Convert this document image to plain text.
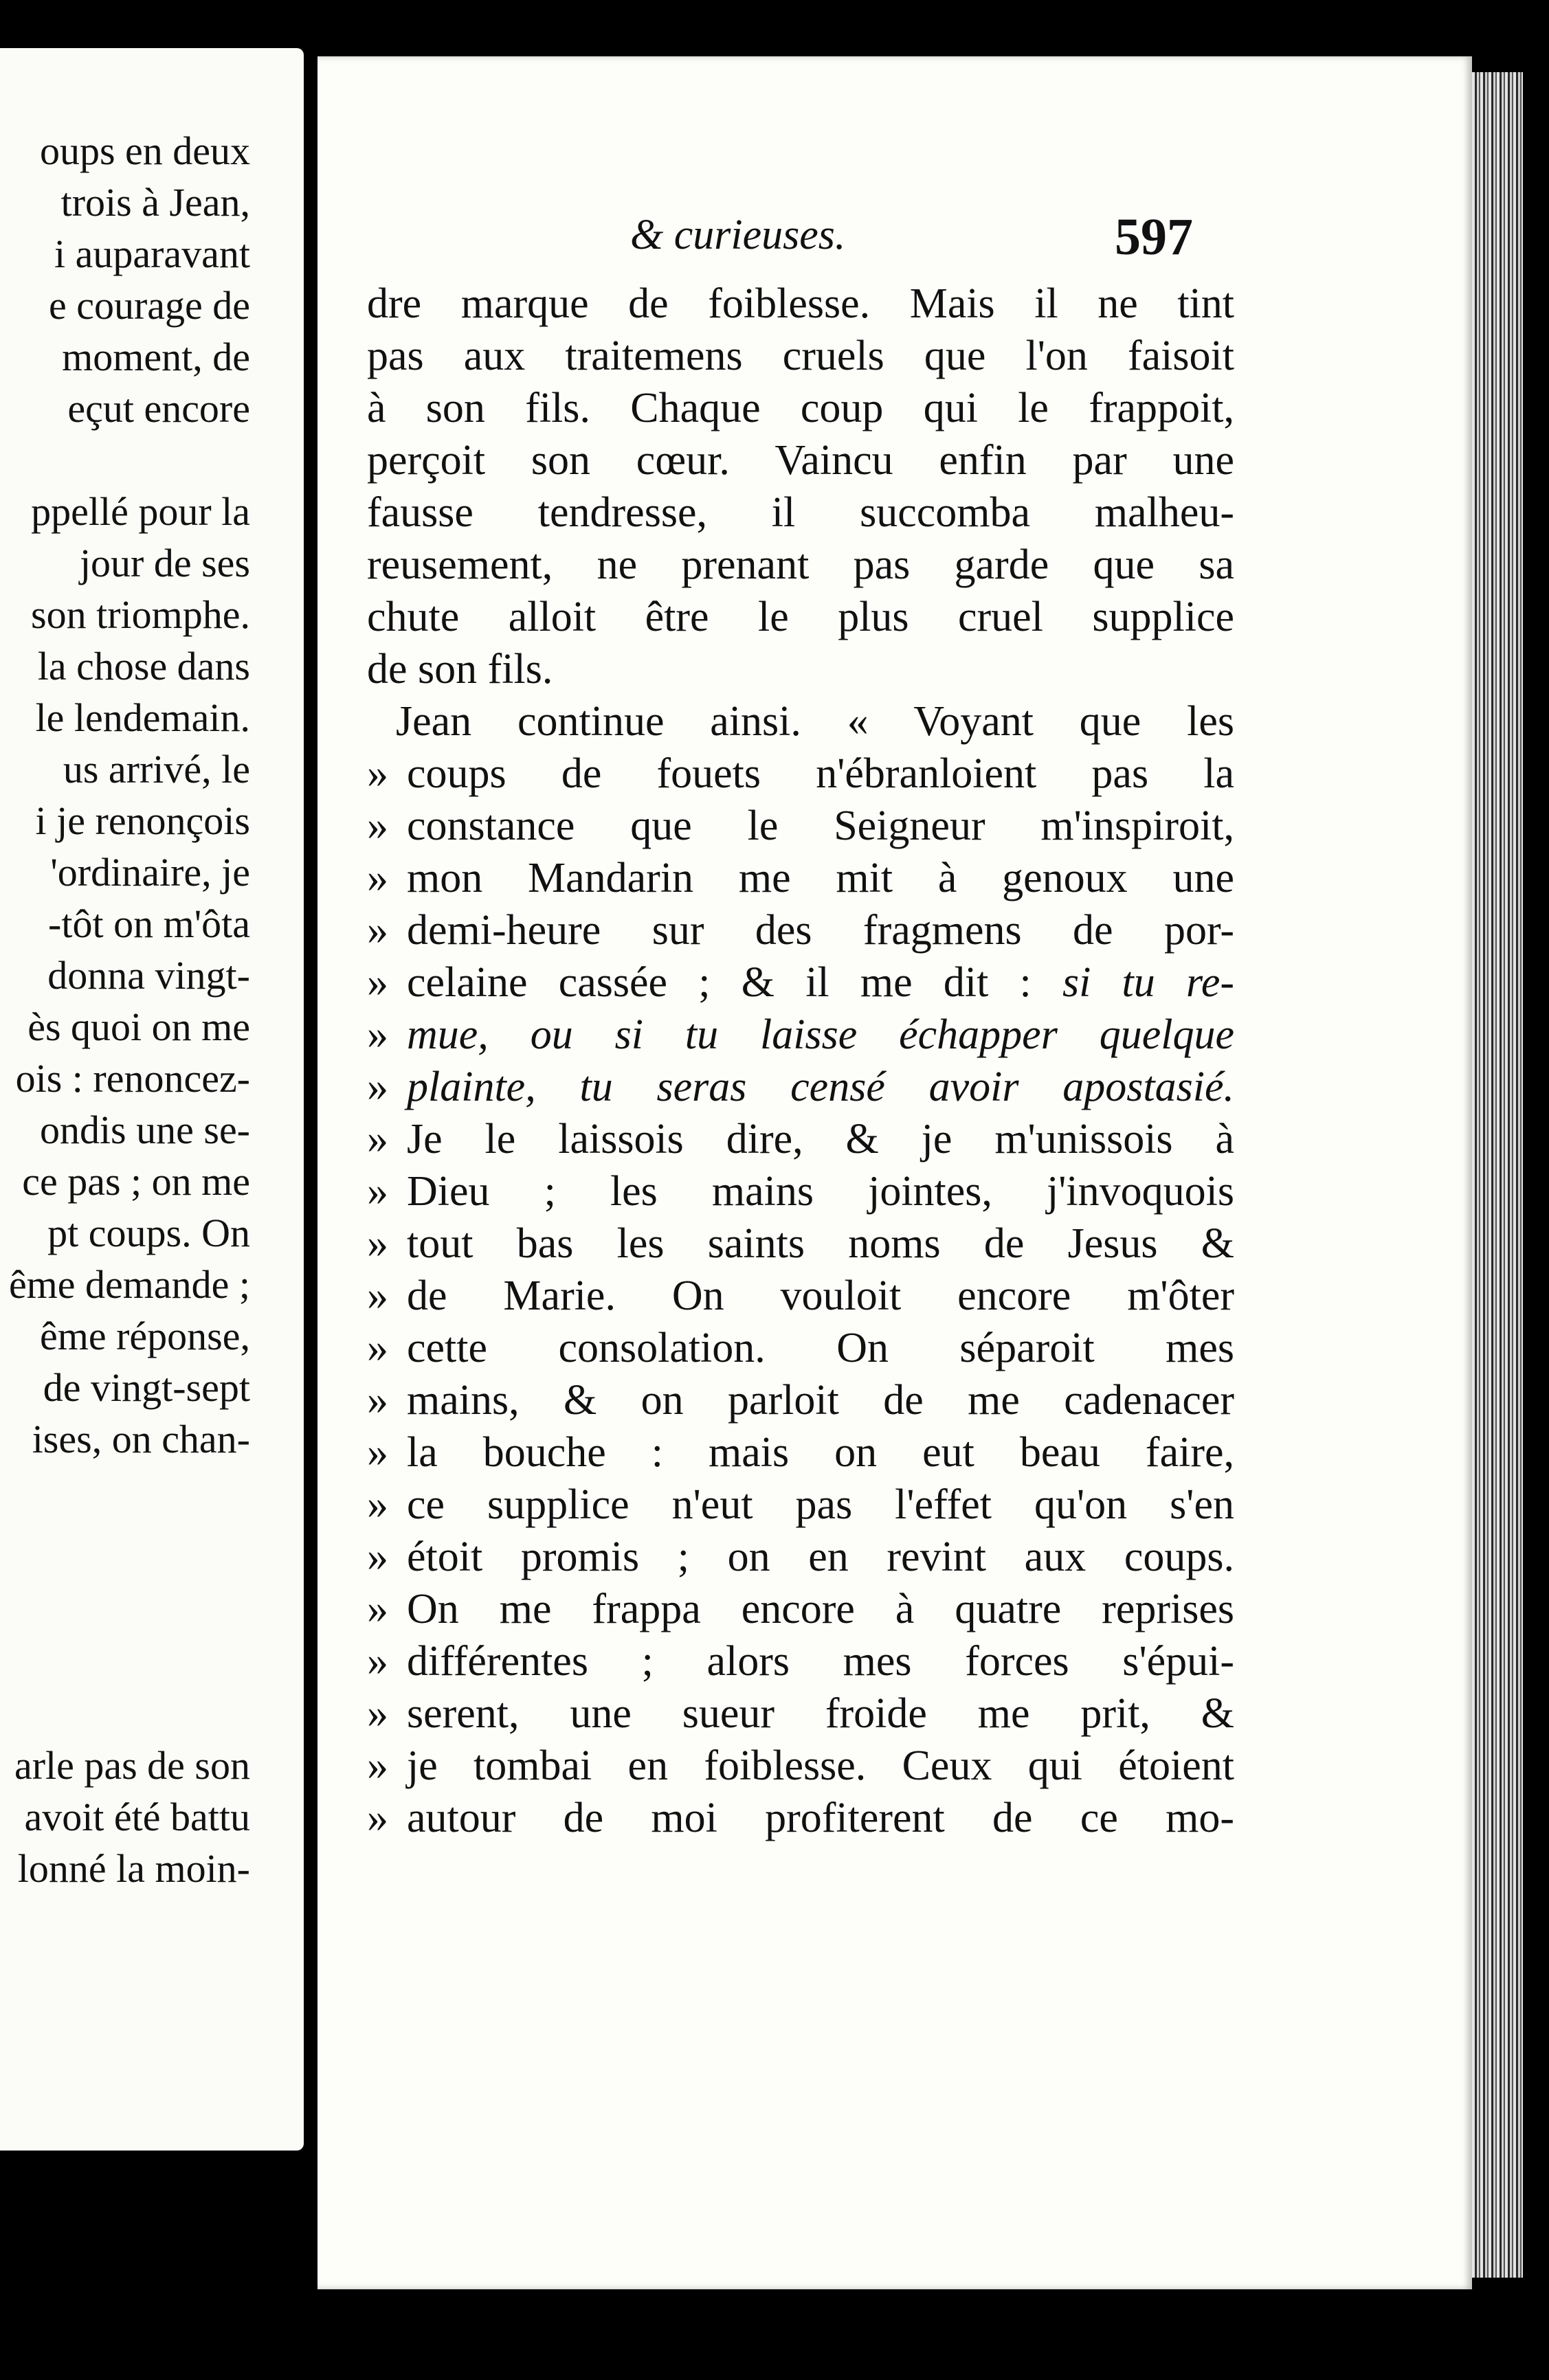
oups en deux
trois à Jean,
i auparavant
e courage de
moment, de
eçut encore
ppellé pour la
jour de ses
son triomphe.
la chose dans
le lendemain.
us arrivé, le
i je renonçois
'ordinaire, je
-tôt on m'ôta
donna vingt-
ès quoi on me
ois : renoncez-
ondis une se-
ce pas ; on me
pt coups. On
ême demande ;
ême réponse,
de vingt-sept
ises, on chan-
arle pas de son
avoit été battu
lonné la moin-
& curieuses.	597
dre marque de foiblesse. Mais il ne tint
pas aux traitemens cruels que l'on faisoit
à son fils. Chaque coup qui le frappoit,
perçoit son cœur. Vaincu enfin par une
fausse tendresse, il succomba malheu-
reusement, ne prenant pas garde que sa
chute alloit être le plus cruel supplice
de son fils.
Jean continue ainsi. « Voyant que les
» coups de fouets n'ébranloient pas la
» constance que le Seigneur m'inspiroit,
» mon Mandarin me mit à genoux une
» demi-heure sur des fragmens de por-
» celaine cassée ; & il me dit : si tu re-
» mue, ou si tu laisse échapper quelque
» plainte, tu seras censé avoir apostasié.
» Je le laissois dire, & je m'unissois à
» Dieu ; les mains jointes, j'invoquois
» tout bas les saints noms de Jesus &
» de Marie. On vouloit encore m'ôter
» cette consolation. On séparoit mes
» mains, & on parloit de me cadenacer
» la bouche : mais on eut beau faire,
» ce supplice n'eut pas l'effet qu'on s'en
» étoit promis ; on en revint aux coups.
» On me frappa encore à quatre reprises
» différentes ; alors mes forces s'épui-
» serent, une sueur froide me prit, &
» je tombai en foiblesse. Ceux qui étoient
» autour de moi profiterent de ce mo-
